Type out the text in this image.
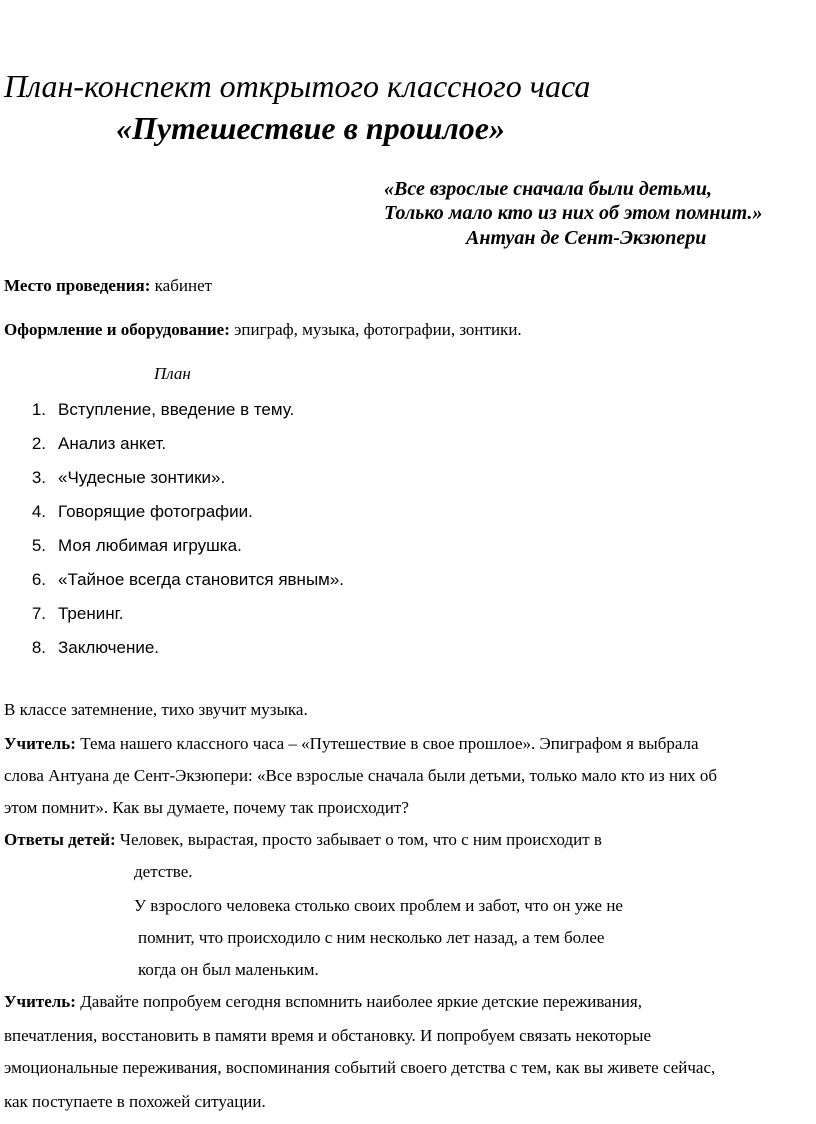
План-конспект открытого классного часа
«Путешествие в прошлое»
«Все взрослые сначала были детьми,
Только мало кто из них об этом помнит.»
Антуан де Сент-Экзюпери
Место проведения: кабинет
Оформление и оборудование: эпиграф, музыка, фотографии, зонтики.
План
1. Вступление, введение в тему.
2. Анализ анкет.
3. «Чудесные зонтики».
4. Говорящие фотографии.
5. Моя любимая игрушка.
6. «Тайное всегда становится явным».
7. Тренинг.
8. Заключение.
В классе затемнение, тихо звучит музыка.
Учитель: Тема нашего классного часа – «Путешествие в свое прошлое». Эпиграфом я выбрала
слова Антуана де Сент-Экзюпери: «Все взрослые сначала были детьми, только мало кто из них об
этом помнит». Как вы думаете, почему так происходит?
Ответы детей: Человек, вырастая, просто забывает о том, что с ним происходит в
детстве.
У взрослого человека столько своих проблем и забот, что он уже не
помнит, что происходило с ним несколько лет назад, а тем более
когда он был маленьким.
Учитель: Давайте попробуем сегодня вспомнить наиболее яркие детские переживания,
впечатления, восстановить в памяти время и обстановку. И попробуем связать некоторые
эмоциональные переживания, воспоминания событий своего детства с тем, как вы живете сейчас,
как поступаете в похожей ситуации.
